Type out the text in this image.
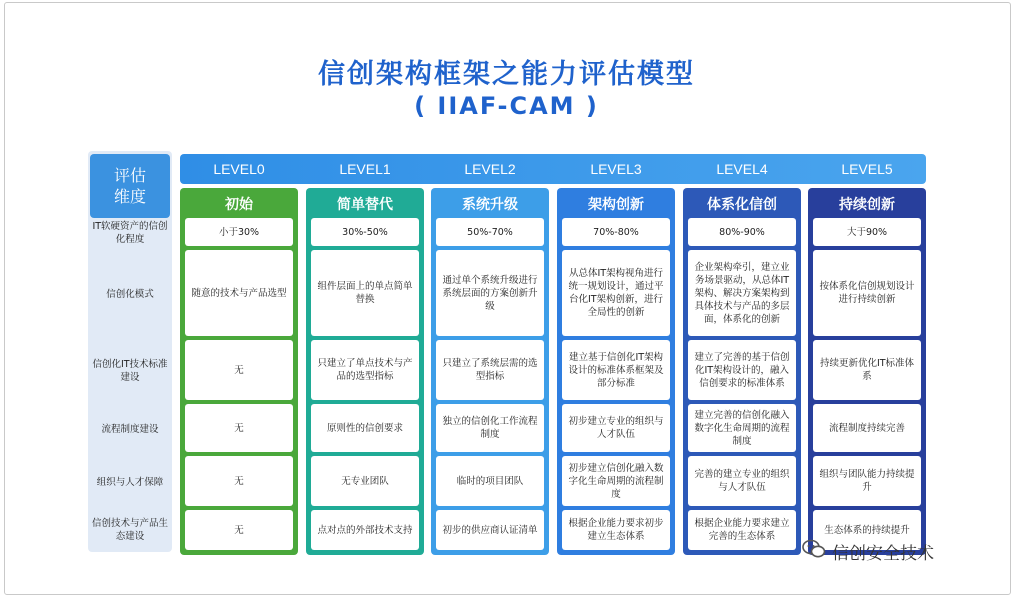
信创架构框架之能力评估模型
( IIAF-CAM )
评估维度
IT软硬资产的信创化程度
信创化模式
信创化IT技术标准建设
流程制度建设
组织与人才保障
信创技术与产品生态建设
LEVEL0
初始
小于30%
随意的技术与产品选型
无
无
无
无
LEVEL1
简单替代
30%-50%
组件层面上的单点简单替换
只建立了单点技术与产品的选型指标
原则性的信创要求
无专业团队
点对点的外部技术支持
LEVEL2
系统升级
50%-70%
通过单个系统升级进行系统层面的方案创新升级
只建立了系统层需的选型指标
独立的信创化工作流程制度
临时的项目团队
初步的供应商认证清单
LEVEL3
架构创新
70%-80%
从总体IT架构视角进行统一规划设计，通过平台化IT架构创新，进行全局性的创新
建立基于信创化IT架构设计的标准体系框架及部分标准
初步建立专业的组织与人才队伍
初步建立信创化融入数字化生命周期的流程制度
根据企业能力要求初步建立生态体系
LEVEL4
体系化信创
80%-90%
企业架构牵引，建立业务场景驱动，从总体IT架构、解决方案架构到具体技术与产品的多层面，体系化的创新
建立了完善的基于信创化IT架构设计的，融入信创要求的标准体系
建立完善的信创化融入数字化生命周期的流程制度
完善的建立专业的组织与人才队伍
根据企业能力要求建立完善的生态体系
LEVEL5
持续创新
大于90%
按体系化信创规划设计进行持续创新
持续更新优化IT标准体系
流程制度持续完善
组织与团队能力持续提升
生态体系的持续提升
信创安全技术
